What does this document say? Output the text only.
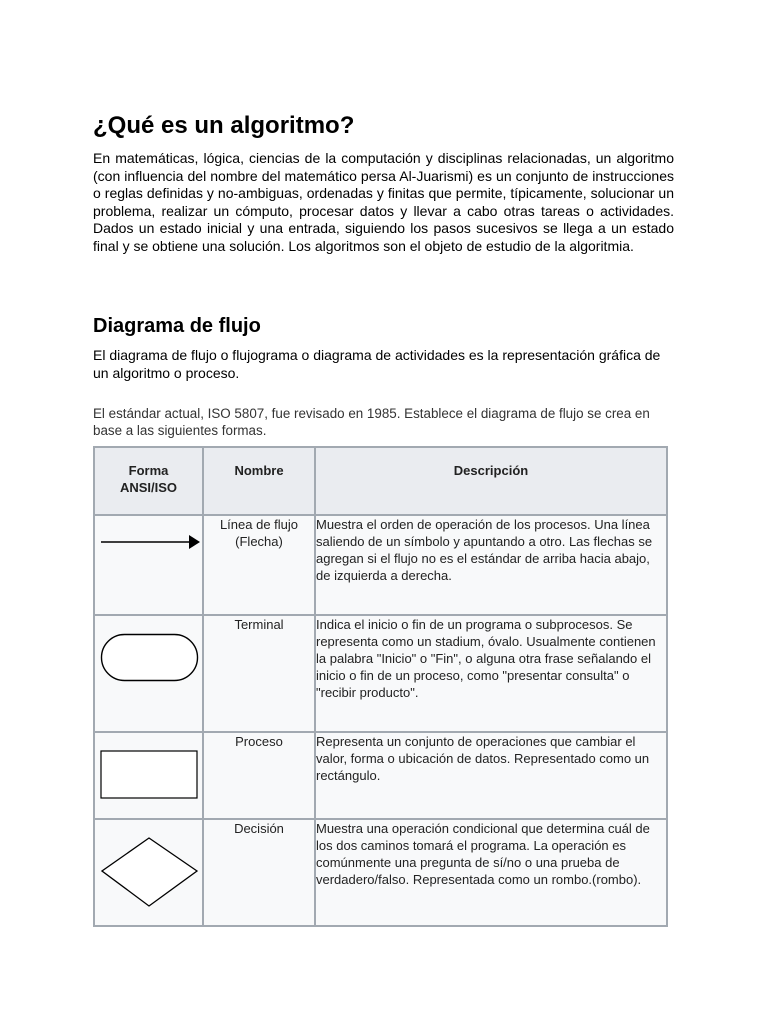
¿Qué es un algoritmo?

En matemáticas, lógica, ciencias de la computación y disciplinas relacionadas, un algoritmo (con influencia del nombre del matemático persa Al-Juarismi) es un conjunto de instrucciones o reglas definidas y no-ambiguas, ordenadas y finitas que permite, típicamente, solucionar un problema, realizar un cómputo, procesar datos y llevar a cabo otras tareas o actividades. Dados un estado inicial y una entrada, siguiendo los pasos sucesivos se llega a un estado final y se obtiene una solución. Los algoritmos son el objeto de estudio de la algoritmia.

Diagrama de flujo

El diagrama de flujo o flujograma o diagrama de actividades es la representación gráfica de un algoritmo o proceso.

El estándar actual, ISO 5807, fue revisado en 1985. Establece el diagrama de flujo se crea en base a las siguientes formas.

Forma
ANSI/ISO	Nombre	Descripción

	Línea de flujo
(Flecha)	Muestra el orden de operación de los procesos. Una línea saliendo de un símbolo y apuntando a otro. Las flechas se agregan si el flujo no es el estándar de arriba hacia abajo, de izquierda a derecha.

	Terminal	Indica el inicio o fin de un programa o subprocesos. Se representa como un stadium, óvalo. Usualmente contienen la palabra "Inicio" o "Fin", o alguna otra frase señalando el inicio o fin de un proceso, como "presentar consulta" o "recibir producto".

	Proceso	Representa un conjunto de operaciones que cambiar el valor, forma o ubicación de datos. Representado como un rectángulo.

	Decisión	Muestra una operación condicional que determina cuál de los dos caminos tomará el programa. La operación es comúnmente una pregunta de sí/no o una prueba de verdadero/falso. Representada como un rombo.(rombo).
